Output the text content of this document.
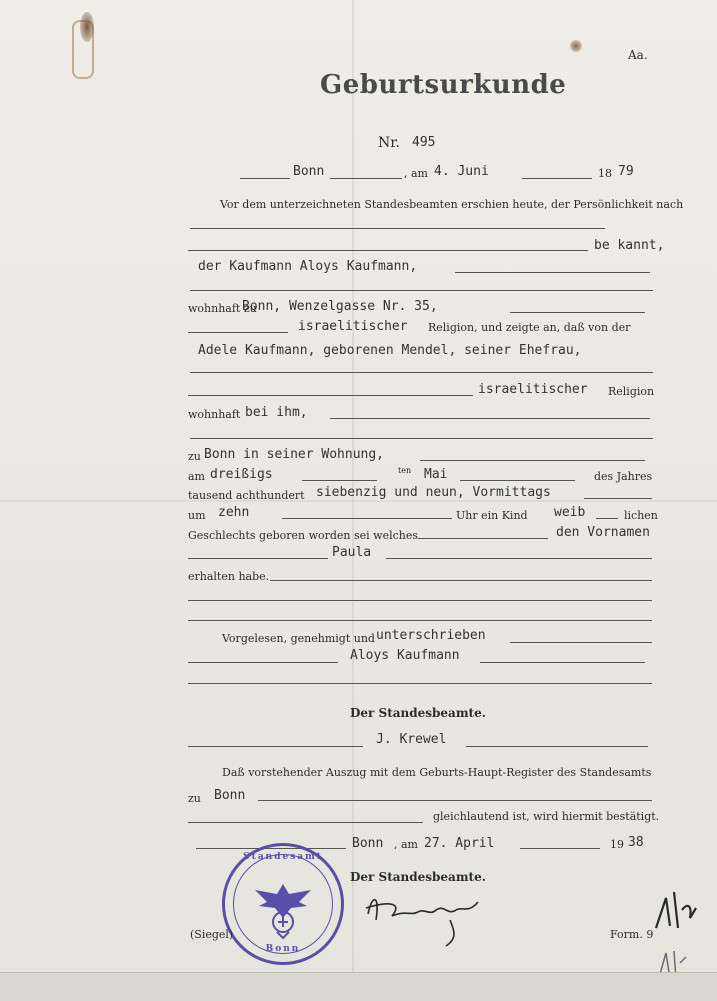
Aa.
Geburtsurkunde
Nr. 495
Bonn	, am 4. Juni	18 79
Vor dem unterzeichneten Standesbeamten erschien heute, der Persönlichkeit nach
be kannt,
der Kaufmann Aloys Kaufmann,
wohnhaft zu
Bonn, Wenzelgasse Nr. 35,
israelitischer Religion, und zeigte an, daß von der
Adele Kaufmann, geborenen Mendel, seiner Ehefrau,
israelitischer Religion
wohnhaft bei ihm,
zu Bonn in seiner Wohnung,
am dreißigs	ten Mai	des Jahres
tausend achthundert siebenzig und neun, Vormittags
um zehn	Uhr ein Kind weib	lichen
Geschlechts geboren worden sei welches	den Vornamen
Paula
erhalten habe.
Vorgelesen, genehmigt und unterschrieben
Aloys Kaufmann
Der Standesbeamte.
J. Krewel
Daß vorstehender Auszug mit dem Geburts-Haupt-Register des Standesamts
zu Bonn
gleichlautend ist, wird hiermit bestätigt.
Bonn , am 27. April	19 38
Der Standesbeamte.
Standesamt
Bonn
(Siegel)	Form. 9
